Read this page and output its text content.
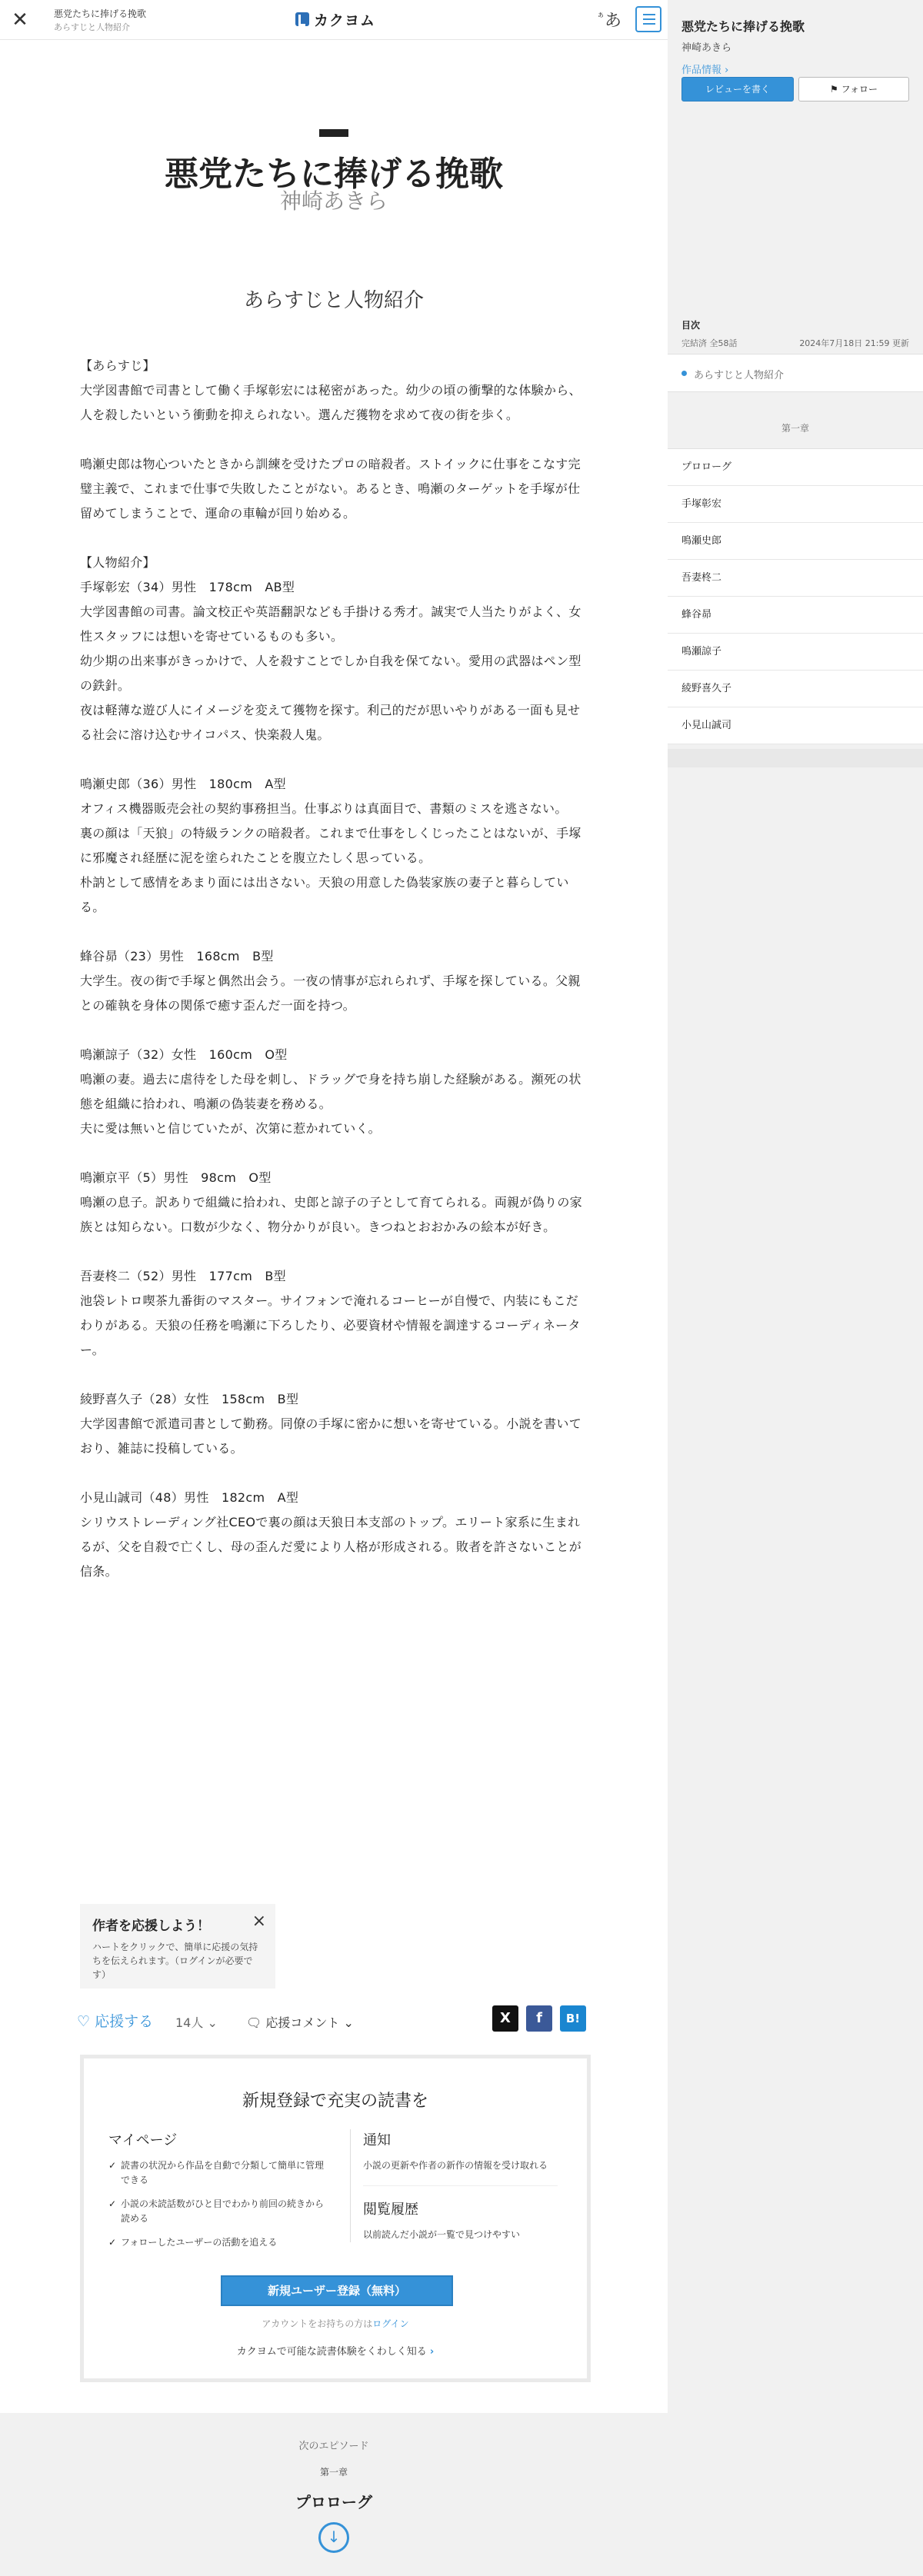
✕	悪党たちに捧げる挽歌
あらすじと人物紹介	カクヨム	$^ぁ$あ
悪党たちに捧げる挽歌
神崎あきら
あらすじと人物紹介

【あらすじ】

大学図書館で司書として働く手塚彰宏には秘密があった。幼少の頃の衝撃的な体験から、人を殺したいという衝動を抑えられない。選んだ獲物を求めて夜の街を歩く。

鳴瀬史郎は物心ついたときから訓練を受けたプロの暗殺者。ストイックに仕事をこなす完璧主義で、これまで仕事で失敗したことがない。あるとき、鳴瀬のターゲットを手塚が仕留めてしまうことで、運命の車輪が回り始める。

【人物紹介】

手塚彰宏（34）男性　178cm　AB型

大学図書館の司書。論文校正や英語翻訳なども手掛ける秀才。誠実で人当たりがよく、女性スタッフには想いを寄せているものも多い。

幼少期の出来事がきっかけで、人を殺すことでしか自我を保てない。愛用の武器はペン型の鉄針。

夜は軽薄な遊び人にイメージを変えて獲物を探す。利己的だが思いやりがある一面も見せる社会に溶け込むサイコパス、快楽殺人鬼。

鳴瀬史郎（36）男性　180cm　A型

オフィス機器販売会社の契約事務担当。仕事ぶりは真面目で、書類のミスを逃さない。

裏の顔は「天狼」の特級ランクの暗殺者。これまで仕事をしくじったことはないが、手塚に邪魔され経歴に泥を塗られたことを腹立たしく思っている。

朴訥として感情をあまり面には出さない。天狼の用意した偽装家族の妻子と暮らしている。

蜂谷昴（23）男性　168cm　B型

大学生。夜の街で手塚と偶然出会う。一夜の情事が忘れられず、手塚を探している。父親との確執を身体の関係で癒す歪んだ一面を持つ。

鳴瀬諒子（32）女性　160cm　O型

鳴瀬の妻。過去に虐待をした母を刺し、ドラッグで身を持ち崩した経験がある。瀕死の状態を組織に拾われ、鳴瀬の偽装妻を務める。

夫に愛は無いと信じていたが、次第に惹かれていく。

鳴瀬京平（5）男性　98cm　O型

鳴瀬の息子。訳ありで組織に拾われ、史郎と諒子の子として育てられる。両親が偽りの家族とは知らない。口数が少なく、物分かりが良い。きつねとおおかみの絵本が好き。

吾妻柊二（52）男性　177cm　B型

池袋レトロ喫茶九番街のマスター。サイフォンで淹れるコーヒーが自慢で、内装にもこだわりがある。天狼の任務を鳴瀬に下ろしたり、必要資材や情報を調達するコーディネーター。

綾野喜久子（28）女性　158cm　B型

大学図書館で派遣司書として勤務。同僚の手塚に密かに想いを寄せている。小説を書いており、雑誌に投稿している。

小見山誠司（48）男性　182cm　A型

シリウストレーディング社CEOで裏の顔は天狼日本支部のトップ。エリート家系に生まれるが、父を自殺で亡くし、母の歪んだ愛により人格が形成される。敗者を許さないことが信条。

作者を応援しよう！

ハートをクリックで、簡単に応援の気持ちを伝えられます。（ログインが必要です）

×
♡ 応援する 14人 ⌄ 🗨 応援コメント ⌄	X	f	B!
新規登録で充実の読書を
マイページ
✓ 読書の状況から作品を自動で分類して簡単に管理できる
✓ 小説の未読話数がひと目でわかり前回の続きから読める
✓ フォローしたユーザーの活動を追える
通知
小説の更新や作者の新作の情報を受け取れる
閲覧履歴
以前読んだ小説が一覧で見つけやすい
新規ユーザー登録（無料）
アカウントをお持ちの方はログイン
カクヨムで可能な読書体験をくわしく知る ›
次のエピソード
第一章
プロローグ
↓
悪党たちに捧げる挽歌
神崎あきら
作品情報 ›
レビューを書く	⚑ フォロー
目次
完結済 全58話	2024年7月18日 21:59 更新
あらすじと人物紹介
第一章
プロローグ
手塚彰宏
鳴瀬史郎
吾妻柊二
蜂谷昴
鳴瀬諒子
綾野喜久子
小見山誠司
